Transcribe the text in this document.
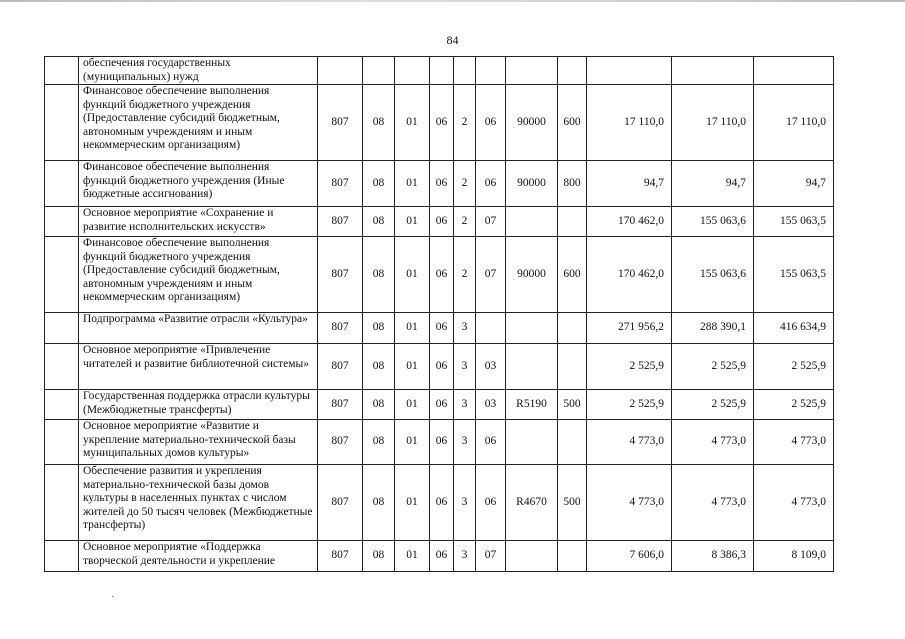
84
	обеспечения государственных (муниципальных) нужд											
	Финансовое обеспечение выполнения функций бюджетного учреждения (Предоставление субсидий бюджетным, автономным учреждениям и иным некоммерческим организациям)	807	08	01	06	2	06	90000	600	17 110,0	17 110,0	17 110,0
	Финансовое обеспечение выполнения функций бюджетного учреждения (Иные бюджетные ассигнования)	807	08	01	06	2	06	90000	800	94,7	94,7	94,7
	Основное мероприятие «Сохранение и развитие исполнительских искусств»	807	08	01	06	2	07			170 462,0	155 063,6	155 063,5
	Финансовое обеспечение выполнения функций бюджетного учреждения (Предоставление субсидий бюджетным, автономным учреждениям и иным некоммерческим организациям)	807	08	01	06	2	07	90000	600	170 462,0	155 063,6	155 063,5
	Подпрограмма «Развитие отрасли «Культура»	807	08	01	06	3				271 956,2	288 390,1	416 634,9
	Основное мероприятие «Привлечение читателей и развитие библиотечной системы»	807	08	01	06	3	03			2 525,9	2 525,9	2 525,9
	Государственная поддержка отрасли культуры (Межбюджетные трансферты)	807	08	01	06	3	03	R5190	500	2 525,9	2 525,9	2 525,9
	Основное мероприятие «Развитие и укрепление материально-технической базы муниципальных домов культуры»	807	08	01	06	3	06			4 773,0	4 773,0	4 773,0
	Обеспечение развития и укрепления материально-технической базы домов культуры в населенных пунктах с числом жителей до 50 тысяч человек (Межбюджетные трансферты)	807	08	01	06	3	06	R4670	500	4 773,0	4 773,0	4 773,0
	Основное мероприятие «Поддержка творческой деятельности и укрепление	807	08	01	06	3	07			7 606,0	8 386,3	8 109,0
